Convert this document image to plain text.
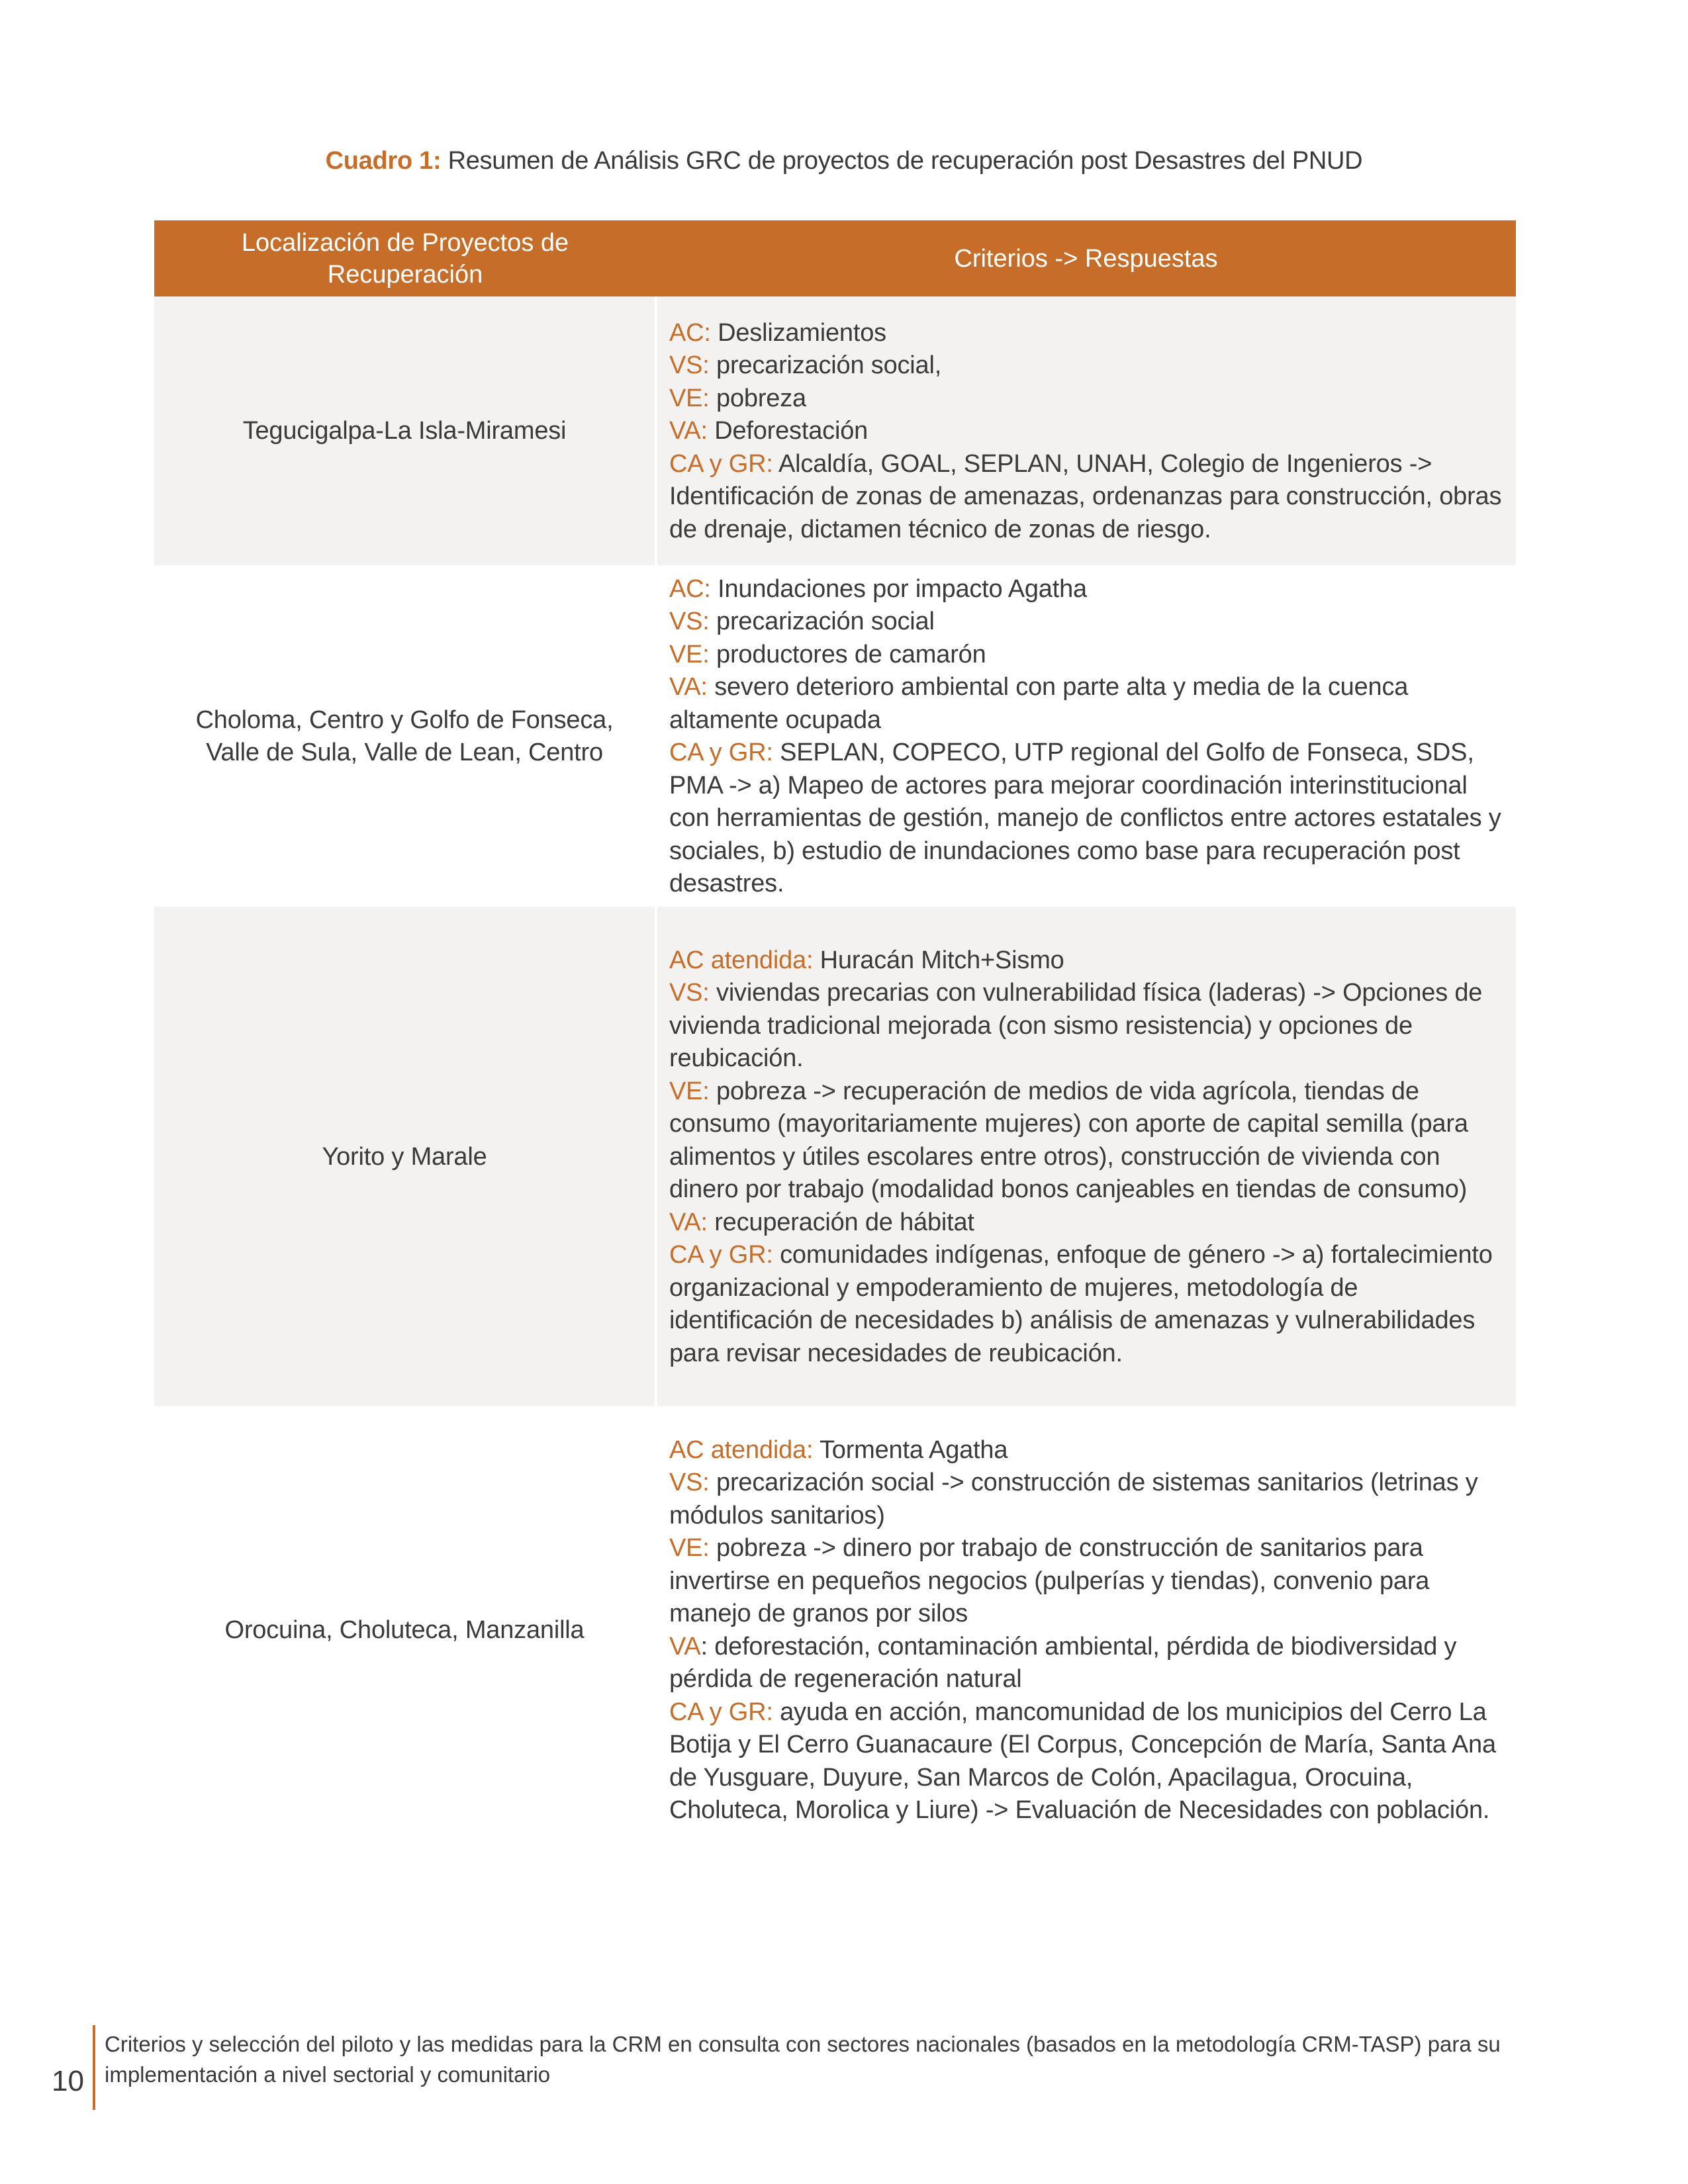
Cuadro 1: Resumen de Análisis GRC de proyectos de recuperación post Desastres del PNUD
Localización de Proyectos de Recuperación	Criterios -> Respuestas
Tegucigalpa-La Isla-Miramesi	AC: Deslizamientos
VS: precarización social,
VE: pobreza
VA: Deforestación
CA y GR: Alcaldía, GOAL, SEPLAN, UNAH, Colegio de Ingenieros -> Identificación de zonas de amenazas, ordenanzas para construcción, obras de drenaje, dictamen técnico de zonas de riesgo.

Choloma, Centro y Golfo de Fonseca, Valle de Sula, Valle de Lean, Centro	AC: Inundaciones por impacto Agatha
VS: precarización social
VE: productores de camarón
VA: severo deterioro ambiental con parte alta y media de la cuenca altamente ocupada
CA y GR: SEPLAN, COPECO, UTP regional del Golfo de Fonseca, SDS, PMA -> a) Mapeo de actores para mejorar coordinación interinstitucional con herramientas de gestión, manejo de conflictos entre actores estatales y sociales, b) estudio de inundaciones como base para recuperación post desastres.

Yorito y Marale	AC atendida: Huracán Mitch+Sismo
VS: viviendas precarias con vulnerabilidad física (laderas) -> Opciones de vivienda tradicional mejorada (con sismo resistencia) y opciones de reubicación.
VE: pobreza -> recuperación de medios de vida agrícola, tiendas de consumo (mayoritariamente mujeres) con aporte de capital semilla (para alimentos y útiles escolares entre otros), construcción de vivienda con dinero por trabajo (modalidad bonos canjeables en tiendas de consumo)
VA: recuperación de hábitat
CA y GR: comunidades indígenas, enfoque de género -> a) fortalecimiento organizacional y empoderamiento de mujeres, metodología de identificación de necesidades b) análisis de amenazas y vulnerabilidades para revisar necesidades de reubicación.

Orocuina, Choluteca, Manzanilla	AC atendida: Tormenta Agatha
VS: precarización social -> construcción de sistemas sanitarios (letrinas y módulos sanitarios)
VE: pobreza -> dinero por trabajo de construcción de sanitarios para invertirse en pequeños negocios (pulperías y tiendas), convenio para manejo de granos por silos
VA: deforestación, contaminación ambiental, pérdida de biodiversidad y pérdida de regeneración natural
CA y GR: ayuda en acción, mancomunidad de los municipios del Cerro La Botija y El Cerro Guanacaure (El Corpus, Concepción de María, Santa Ana de Yusguare, Duyure, San Marcos de Colón, Apacilagua, Orocuina, Choluteca, Morolica y Liure) -> Evaluación de Necesidades con población.
10
Criterios y selección del piloto y las medidas para la CRM en consulta con sectores nacionales (basados en la metodología CRM-TASP) para su implementación a nivel sectorial y comunitario
